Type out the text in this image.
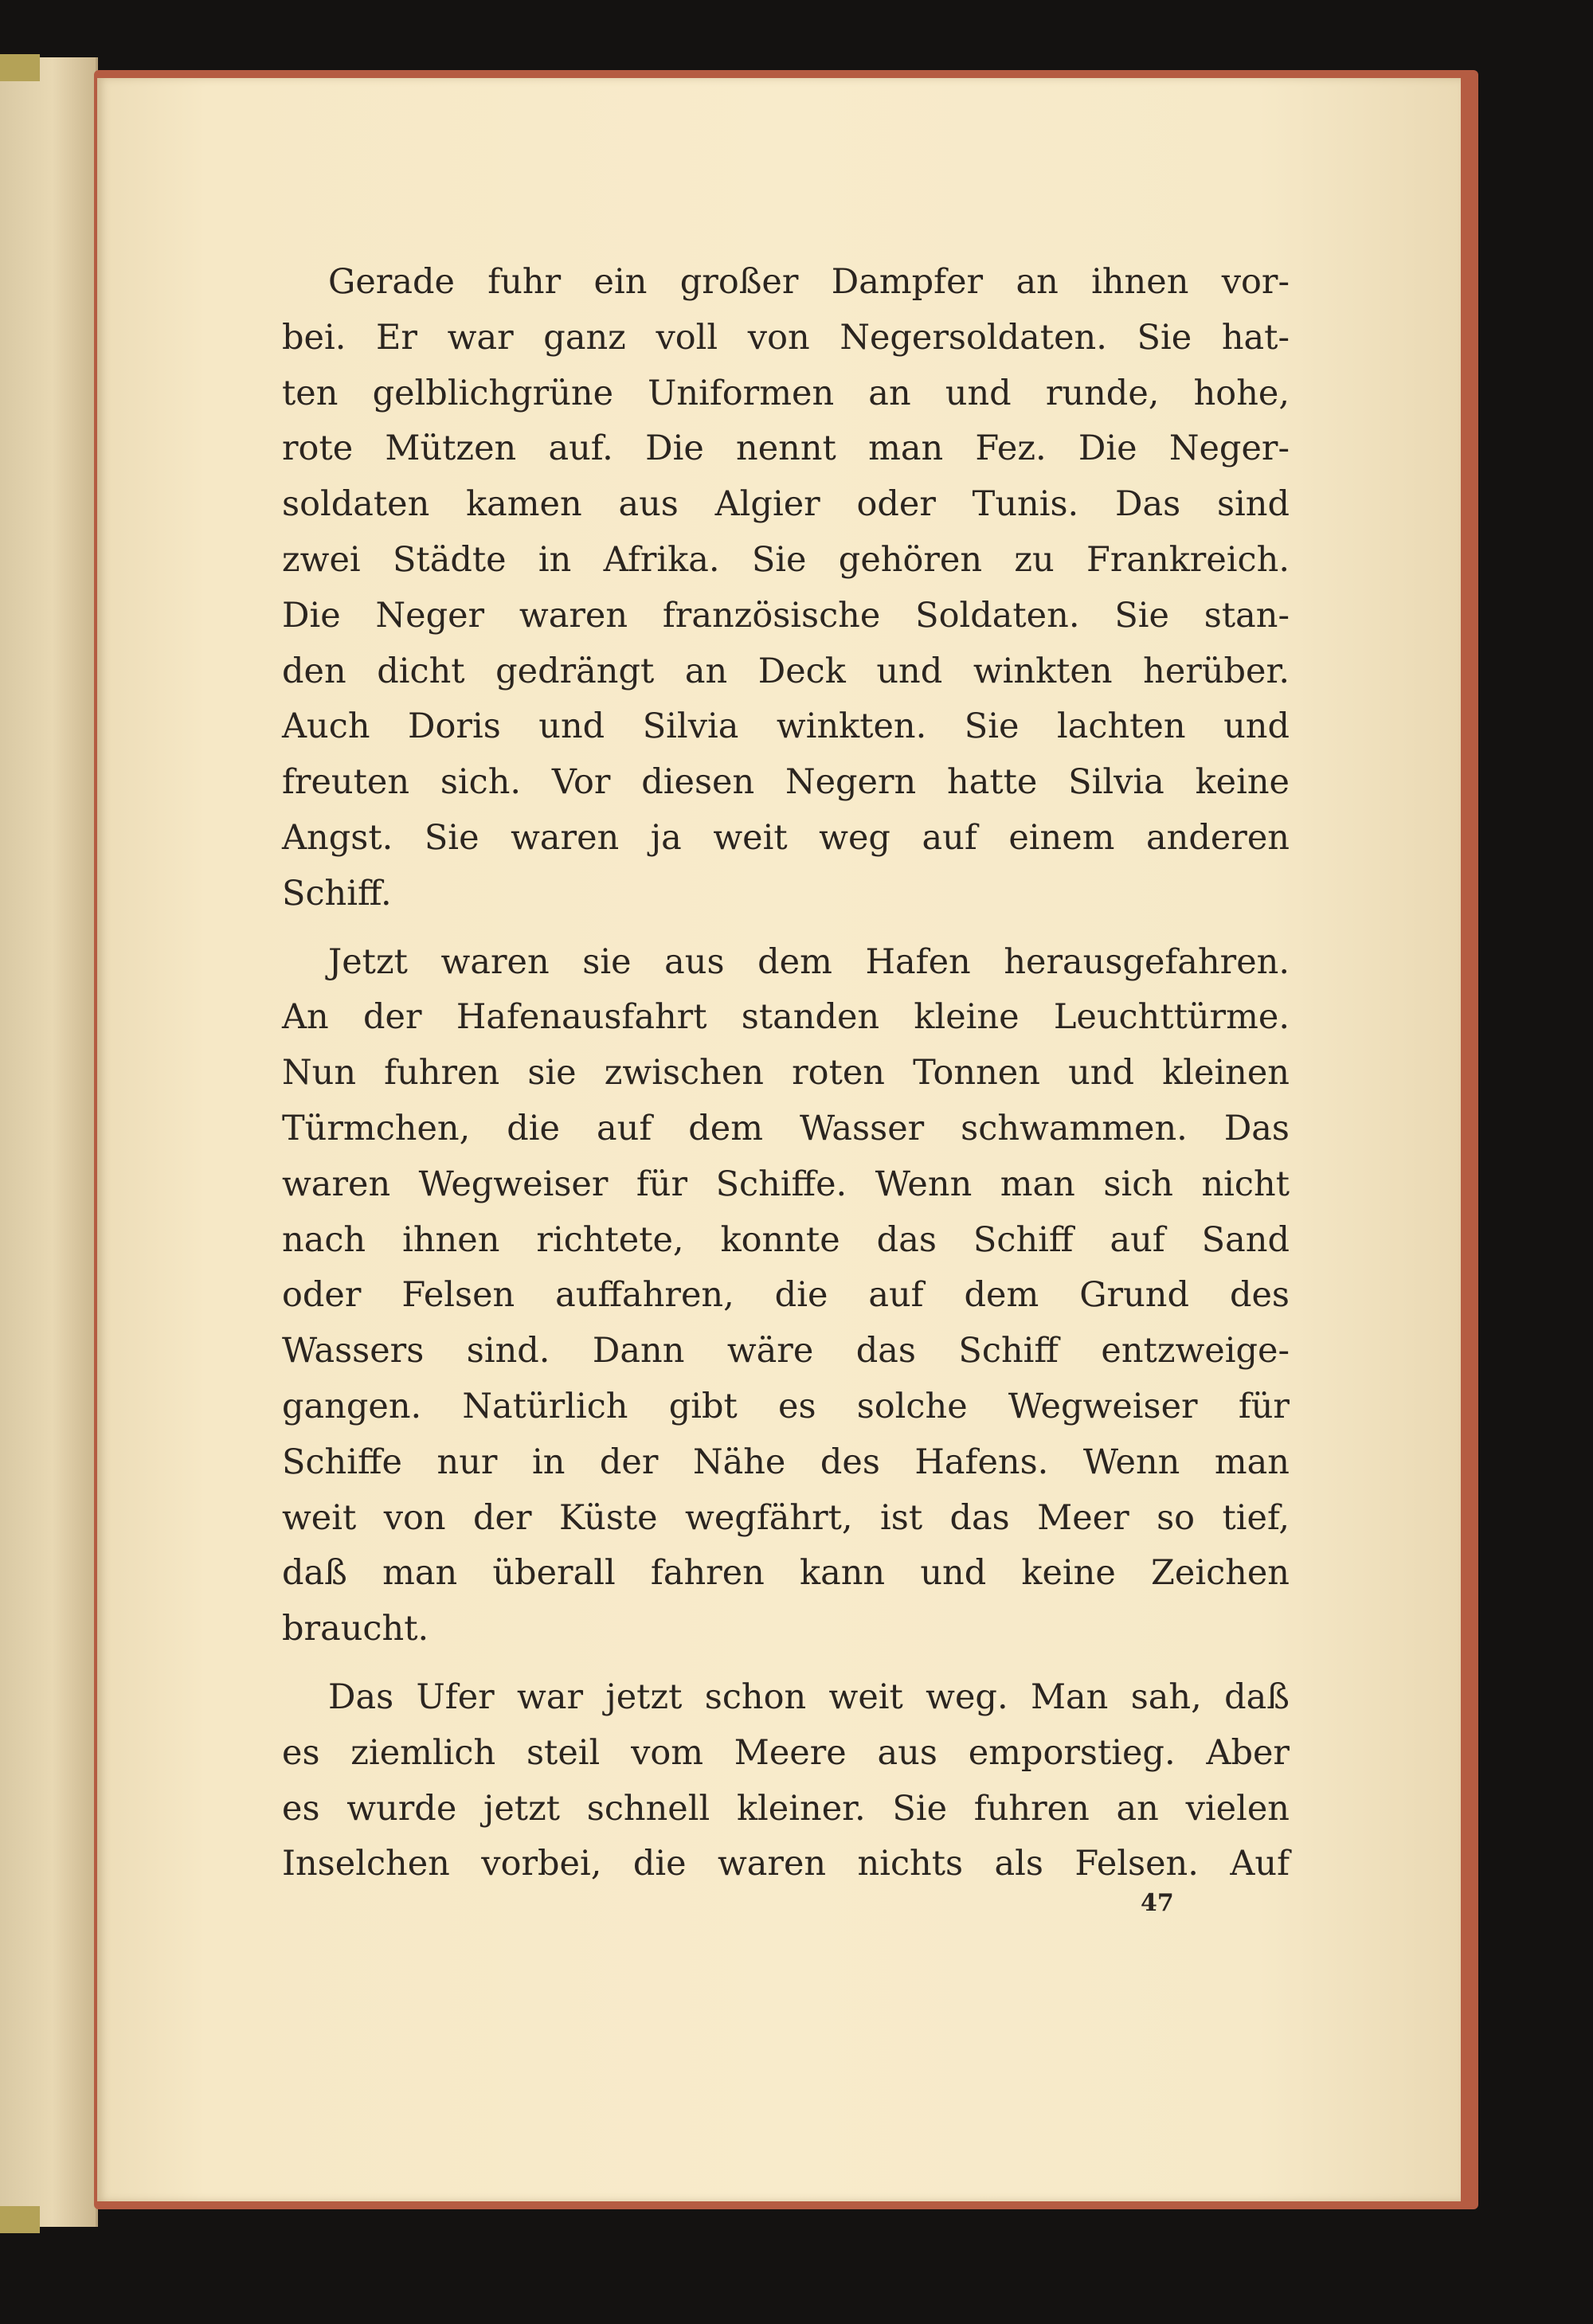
Gerade fuhr ein großer Dampfer an ihnen vor-
bei. Er war ganz voll von Negersoldaten. Sie hat-
ten gelblichgrüne Uniformen an und runde, hohe,
rote Mützen auf. Die nennt man Fez. Die Neger-
soldaten kamen aus Algier oder Tunis. Das sind
zwei Städte in Afrika. Sie gehören zu Frankreich.
Die Neger waren französische Soldaten. Sie stan-
den dicht gedrängt an Deck und winkten herüber.
Auch Doris und Silvia winkten. Sie lachten und
freuten sich. Vor diesen Negern hatte Silvia keine
Angst. Sie waren ja weit weg auf einem anderen
Schiff.

Jetzt waren sie aus dem Hafen herausgefahren.
An der Hafenausfahrt standen kleine Leuchttürme.
Nun fuhren sie zwischen roten Tonnen und kleinen
Türmchen, die auf dem Wasser schwammen. Das
waren Wegweiser für Schiffe. Wenn man sich nicht
nach ihnen richtete, konnte das Schiff auf Sand
oder Felsen auffahren, die auf dem Grund des
Wassers sind. Dann wäre das Schiff entzweige-
gangen. Natürlich gibt es solche Wegweiser für
Schiffe nur in der Nähe des Hafens. Wenn man
weit von der Küste wegfährt, ist das Meer so tief,
daß man überall fahren kann und keine Zeichen
braucht.

Das Ufer war jetzt schon weit weg. Man sah, daß
es ziemlich steil vom Meere aus emporstieg. Aber
es wurde jetzt schnell kleiner. Sie fuhren an vielen
Inselchen vorbei, die waren nichts als Felsen. Auf

47
